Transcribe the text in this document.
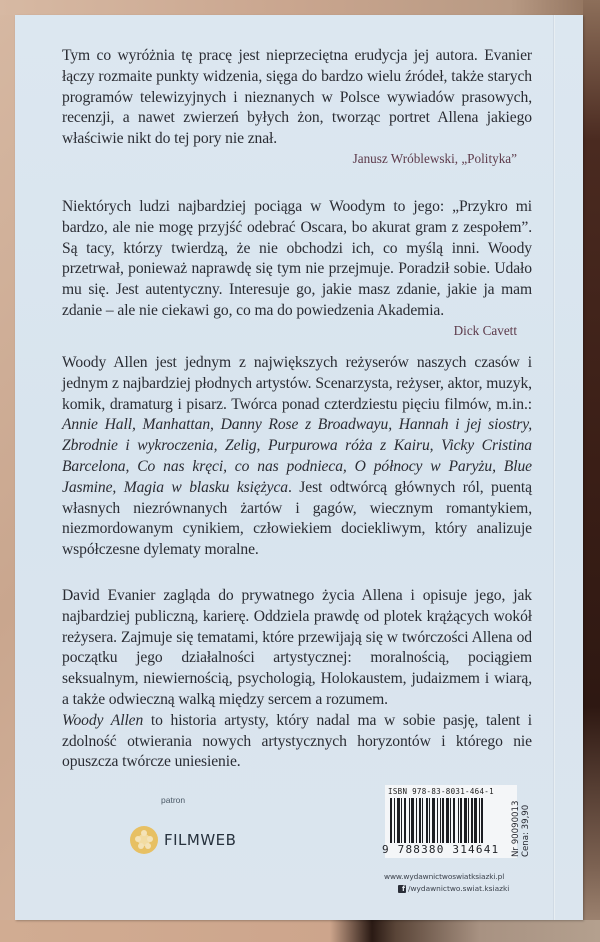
Tym co wyróżnia tę pracę jest nieprzeciętna erudycja jej autora. Evanier łączy rozmaite punkty widzenia, sięga do bardzo wielu źródeł, także starych programów telewizyjnych i nieznanych w Polsce wywiadów prasowych, recenzji, a nawet zwierzeń byłych żon, tworząc portret Allena jakiego właściwie nikt do tej pory nie znał.

Janusz Wróblewski, „Polityka”

Niektórych ludzi najbardziej pociąga w Woodym to jego: „Przykro mi bardzo, ale nie mogę przyjść odebrać Oscara, bo akurat gram z zespołem”. Są tacy, którzy twierdzą, że nie obchodzi ich, co myślą inni. Woody przetrwał, ponieważ naprawdę się tym nie przejmuje. Poradził sobie. Udało mu się. Jest autentyczny. Interesuje go, jakie masz zdanie, jakie ja mam zdanie – ale nie ciekawi go, co ma do powiedzenia Akademia.

Dick Cavett

Woody Allen jest jednym z największych reżyserów naszych czasów i jednym z najbardziej płodnych artystów. Scenarzysta, reżyser, aktor, muzyk, komik, dramaturg i pisarz. Twórca ponad czterdziestu pięciu filmów, m.in.: Annie Hall, Manhattan, Danny Rose z Broadwayu, Hannah i jej siostry, Zbrodnie i wykroczenia, Zelig, Purpurowa róża z Kairu, Vicky Cristina Barcelona, Co nas kręci, co nas podnieca, O północy w Paryżu, Blue Jasmine, Magia w blasku księżyca. Jest odtwórcą głównych ról, puentą własnych niezrównanych żartów i gagów, wiecznym romantykiem, niezmordowanym cynikiem, człowiekiem dociekliwym, który analizuje współczesne dylematy moralne.

David Evanier zagląda do prywatnego życia Allena i opisuje jego, jak najbardziej publiczną, karierę. Oddziela prawdę od plotek krążących wokół reżysera. Zajmuje się tematami, które przewijają się w twórczości Allena od początku jego działalności artystycznej: moralnością, pociągiem seksualnym, niewiernością, psychologią, Holokaustem, judaizmem i wiarą, a także odwieczną walką między sercem a rozumem.

Woody Allen to historia artysty, który nadal ma w sobie pasję, talent i zdolność otwierania nowych artystycznych horyzontów i którego nie opuszcza twórcze uniesienie.

patron
FILMWEB
ISBN 978-83-8031-464-1
9 788380 314641 Nr 90090013 Cena: 39,90
www.wydawnictwoswiatksiazki.pl
f /wydawnictwo.swiat.ksiazki
